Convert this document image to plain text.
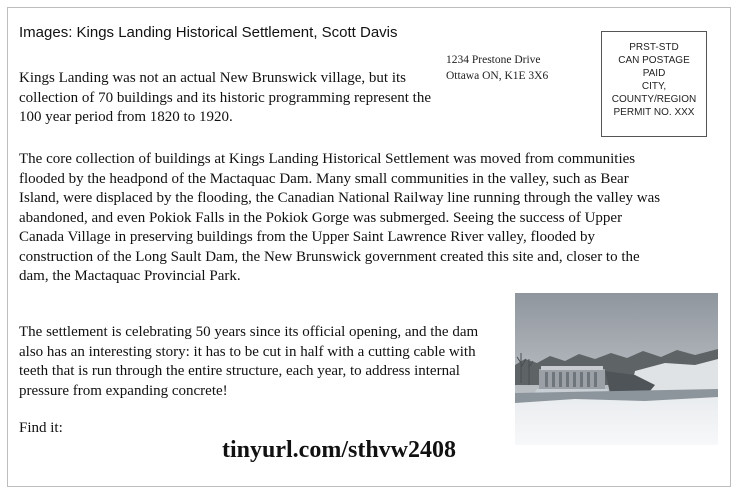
Images: Kings Landing Historical Settlement, Scott Davis
1234 Prestone Drive
Ottawa ON, K1E 3X6
PRST-STD
CAN POSTAGE
PAID
CITY,
COUNTY/REGION
PERMIT NO. XXX
Kings Landing was not an actual New Brunswick village, but its collection of 70 buildings and its historic programming represent the 100 year period from 1820 to 1920.
The core collection of buildings at Kings Landing Historical Settlement was moved from communities flooded by the headpond of the Mactaquac Dam. Many small communities in the valley, such as Bear Island, were displaced by the flooding, the Canadian National Railway line running through the valley was abandoned, and even Pokiok Falls in the Pokiok Gorge was submerged. Seeing the success of Upper Canada Village in preserving buildings from the Upper Saint Lawrence River valley, flooded by construction of the Long Sault Dam, the New Brunswick government created this site and, closer to the dam, the Mactaquac Provincial Park.
The settlement is celebrating 50 years since its official opening, and the dam also has an interesting story: it has to be cut in half with a cutting cable with teeth that is run through the entire structure, each year, to address internal pressure from expanding concrete!
Find it:
tinyurl.com/sthvw2408
